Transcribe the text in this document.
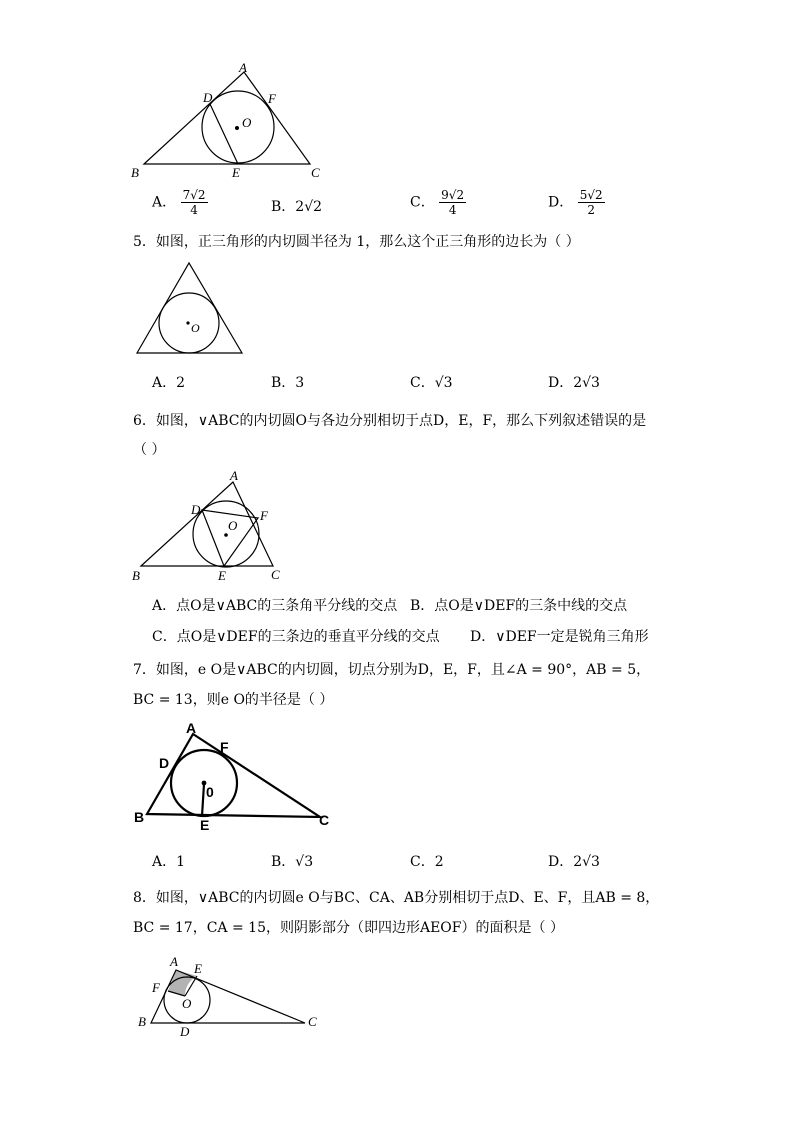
A
B	C
D
E
F
O
A． $\frac{7√2}{4}$	B．2√2	C． $\frac{9√2}{4}$	D． $\frac{5√2}{2}$
5．如图，正三角形的内切圆半径为 1，那么这个正三角形的边长为（ ）
O
A．2	B．3	C．√3	D．2√3
6．如图，∨ABC的内切圆O与各边分别相切于点D，E，F，那么下列叙述错误的是
（ ）
A
B	C
D
E
F
O
A．点O是∨ABC的三条角平分线的交点 B．点O是∨DEF的三条中线的交点
C．点O是∨DEF的三条边的垂直平分线的交点 D．∨DEF一定是锐角三角形
7．如图，e O是∨ABC的内切圆，切点分别为D，E，F，且∠A = 90°，AB = 5，
BC = 13，则e O的半径是（ ）
A
B	C
D
E
F
0
A．1	B．√3	C．2	D．2√3
8．如图，∨ABC的内切圆e O与BC、CA、AB分别相切于点D、E、F，且AB = 8，
BC = 17，CA = 15，则阴影部分（即四边形AEOF）的面积是（ ）
A
B	C
D
E
F
O
